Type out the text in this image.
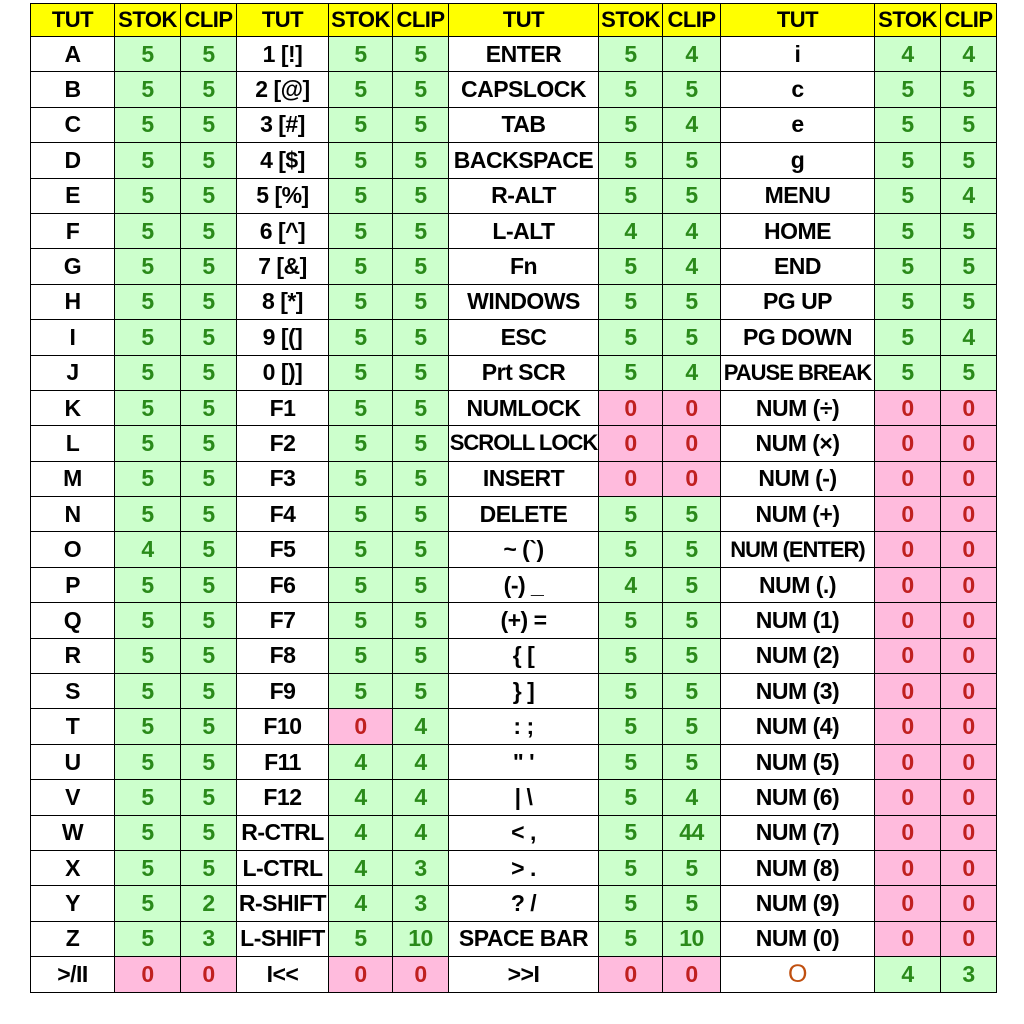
TUT	STOK	CLIP	TUT	STOK	CLIP	TUT	STOK	CLIP	TUT	STOK	CLIP
A	5	5	1 [!]	5	5	ENTER	5	4	i	4	4
B	5	5	2 [@]	5	5	CAPSLOCK	5	5	c	5	5
C	5	5	3 [#]	5	5	TAB	5	4	e	5	5
D	5	5	4 [$]	5	5	BACKSPACE	5	5	g	5	5
E	5	5	5 [%]	5	5	R-ALT	5	5	MENU	5	4
F	5	5	6 [^]	5	5	L-ALT	4	4	HOME	5	5
G	5	5	7 [&]	5	5	Fn	5	4	END	5	5
H	5	5	8 [*]	5	5	WINDOWS	5	5	PG UP	5	5
I	5	5	9 [(]	5	5	ESC	5	5	PG DOWN	5	4
J	5	5	0 [)]	5	5	Prt SCR	5	4	PAUSE BREAK	5	5
K	5	5	F1	5	5	NUMLOCK	0	0	NUM (÷)	0	0
L	5	5	F2	5	5	SCROLL LOCK	0	0	NUM (×)	0	0
M	5	5	F3	5	5	INSERT	0	0	NUM (-)	0	0
N	5	5	F4	5	5	DELETE	5	5	NUM (+)	0	0
O	4	5	F5	5	5	~ (`)	5	5	NUM (ENTER)	0	0
P	5	5	F6	5	5	(-) _	4	5	NUM (.)	0	0
Q	5	5	F7	5	5	(+) =	5	5	NUM (1)	0	0
R	5	5	F8	5	5	{ [	5	5	NUM (2)	0	0
S	5	5	F9	5	5	} ]	5	5	NUM (3)	0	0
T	5	5	F10	0	4	: ;	5	5	NUM (4)	0	0
U	5	5	F11	4	4	" '	5	5	NUM (5)	0	0
V	5	5	F12	4	4	| \	5	4	NUM (6)	0	0
W	5	5	R-CTRL	4	4	< ,	5	44	NUM (7)	0	0
X	5	5	L-CTRL	4	3	> .	5	5	NUM (8)	0	0
Y	5	2	R-SHIFT	4	3	? /	5	5	NUM (9)	0	0
Z	5	3	L-SHIFT	5	10	SPACE BAR	5	10	NUM (0)	0	0
>/II	0	0	I<<	0	0	>>I	0	0	O	4	3
